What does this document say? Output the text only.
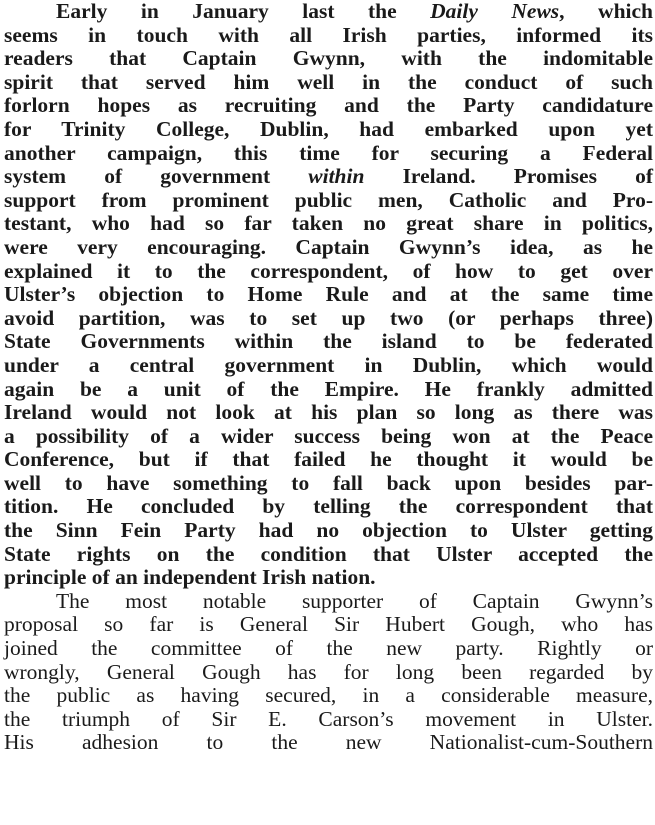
Early in January last the Daily News, which
seems in touch with all Irish parties, informed its
readers that Captain Gwynn, with the indomitable
spirit that served him well in the conduct of such
forlorn hopes as recruiting and the Party candidature
for Trinity College, Dublin, had embarked upon yet
another campaign, this time for securing a Federal
system of government within Ireland. Promises of
support from prominent public men, Catholic and Pro-
testant, who had so far taken no great share in politics,
were very encouraging. Captain Gwynn’s idea, as he
explained it to the correspondent, of how to get over
Ulster’s objection to Home Rule and at the same time
avoid partition, was to set up two (or perhaps three)
State Governments within the island to be federated
under a central government in Dublin, which would
again be a unit of the Empire. He frankly admitted
Ireland would not look at his plan so long as there was
a possibility of a wider success being won at the Peace
Conference, but if that failed he thought it would be
well to have something to fall back upon besides par-
tition. He concluded by telling the correspondent that
the Sinn Fein Party had no objection to Ulster getting
State rights on the condition that Ulster accepted the
principle of an independent Irish nation.
The most notable supporter of Captain Gwynn’s
proposal so far is General Sir Hubert Gough, who has
joined the committee of the new party. Rightly or
wrongly, General Gough has for long been regarded by
the public as having secured, in a considerable measure,
the triumph of Sir E. Carson’s movement in Ulster.
His adhesion to the new Nationalist-cum-Southern
